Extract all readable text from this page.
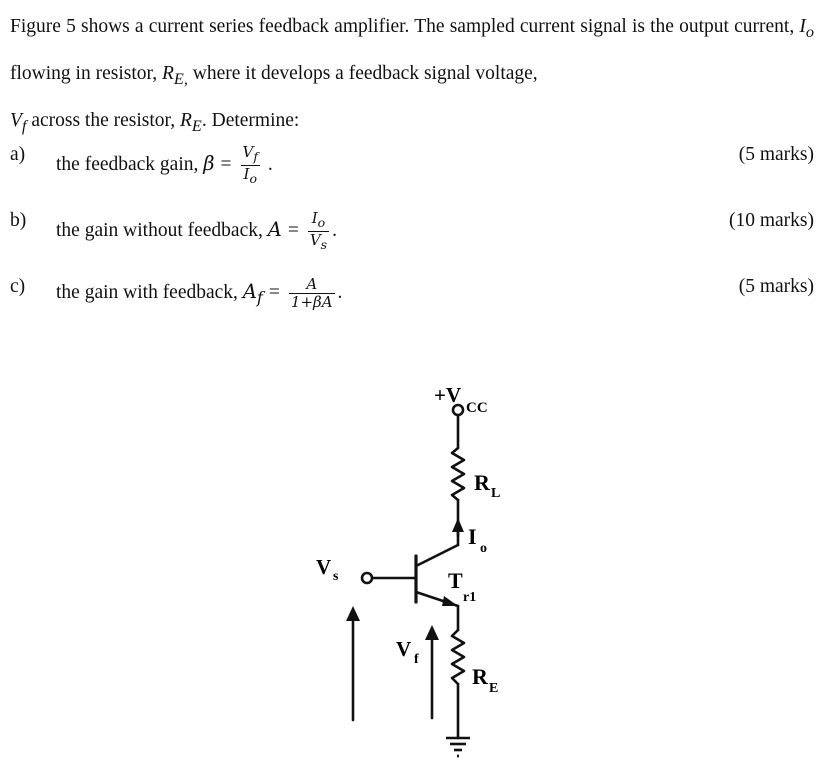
Figure 5 shows a current series feedback amplifier. The sampled current signal is the output current, $I_o$ flowing in resistor, $R_{E,}$ where it develops a feedback signal voltage,
$V_f$ across the resistor, $R_E$. Determine:
a) the feedback gain, $\beta = \frac{V_f}{I_o}$ .	(5 marks)
b) the gain without feedback, $A = \frac{I_o}{V_s}$ .	(10 marks)
c) the gain with feedback, $A_f = \frac{A}{1+\beta A}$ .	(5 marks)
+V
CC
R L
I o
V s	T
r1
V f
R E
